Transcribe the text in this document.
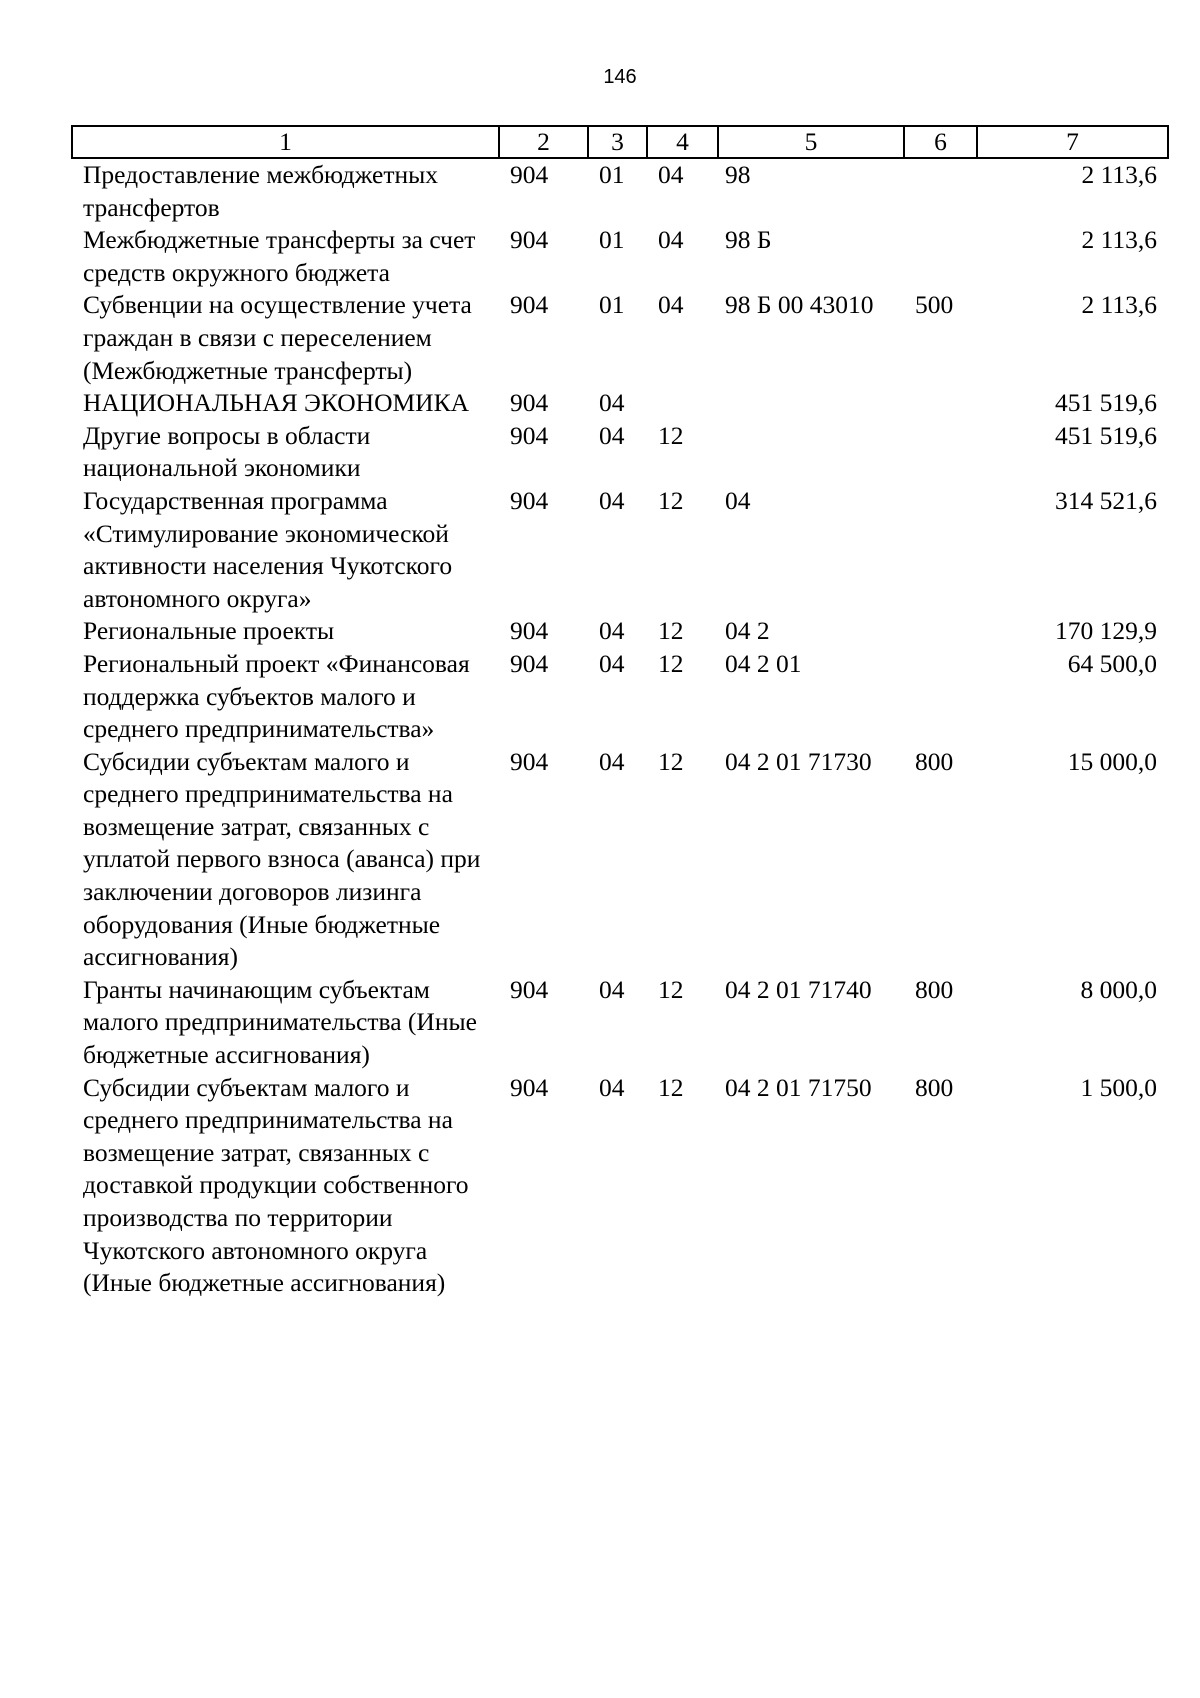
146
1	2	3	4	5	6	7
Предоставление межбюджетных трансфертов	904	01	04	98		2 113,6
Межбюджетные трансферты за счет средств окружного бюджета	904	01	04	98 Б		2 113,6
Субвенции на осуществление учета граждан в связи с переселением (Межбюджетные трансферты)	904	01	04	98 Б 00 43010	500	2 113,6
НАЦИОНАЛЬНАЯ ЭКОНОМИКА	904	04				451 519,6
Другие вопросы в области национальной экономики	904	04	12			451 519,6
Государственная программа «Стимулирование экономической активности населения Чукотского автономного округа»	904	04	12	04		314 521,6
Региональные проекты	904	04	12	04 2		170 129,9
Региональный проект «Финансовая поддержка субъектов малого и среднего предпринимательства»	904	04	12	04 2 01		64 500,0
Субсидии субъектам малого и среднего предпринимательства на возмещение затрат, связанных с уплатой первого взноса (аванса) при заключении договоров лизинга оборудования (Иные бюджетные ассигнования)	904	04	12	04 2 01 71730	800	15 000,0
Гранты начинающим субъектам малого предпринимательства (Иные бюджетные ассигнования)	904	04	12	04 2 01 71740	800	8 000,0
Субсидии субъектам малого и среднего предпринимательства на возмещение затрат, связанных с доставкой продукции собственного производства по территории Чукотского автономного округа (Иные бюджетные ассигнования)	904	04	12	04 2 01 71750	800	1 500,0
